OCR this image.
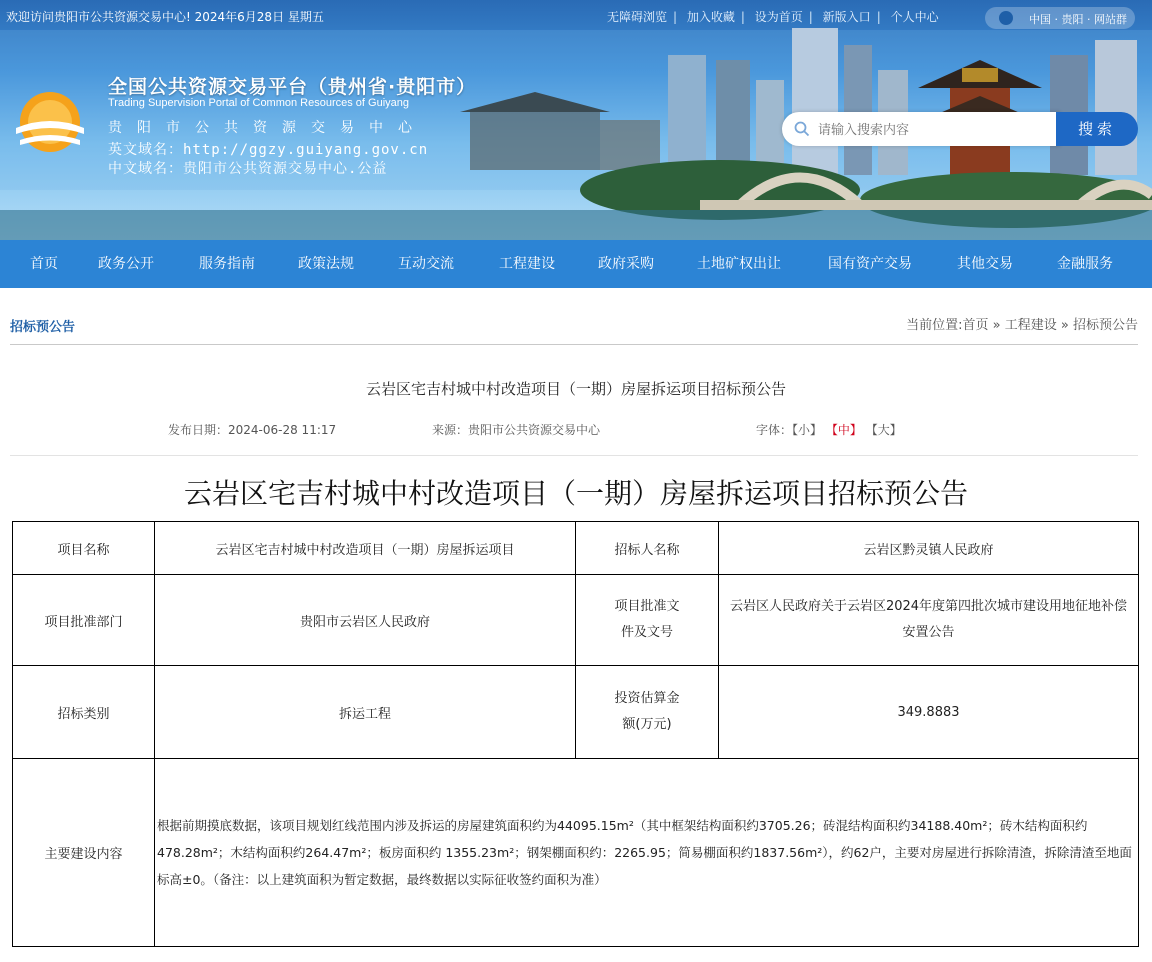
欢迎访问贵阳市公共资源交易中心! 2024年6月28日 星期五	无障碍浏览 | 加入收藏 | 设为首页 | 新版入口 | 个人中心	中国 · 贵阳 · 网站群
全国公共资源交易平台（贵州省·贵阳市）
Trading Supervision Portal of Common Resources of Guiyang
贵阳市公共资源交易中心
英文域名：http://ggzy.guiyang.gov.cn
中文域名：贵阳市公共资源交易中心.公益
请输入搜索内容
搜索
首页	政务公开	服务指南	政策法规	互动交流	工程建设	政府采购	土地矿权出让	国有资产交易	其他交易	金融服务
招标预公告	当前位置:首页 » 工程建设 » 招标预公告
云岩区宅吉村城中村改造项目（一期）房屋拆运项目招标预公告
发布日期：2024-06-28 11:17	来源：贵阳市公共资源交易中心	字体：【小】 【中】 【大】
云岩区宅吉村城中村改造项目（一期）房屋拆运项目招标预公告
项目名称	云岩区宅吉村城中村改造项目（一期）房屋拆运项目	招标人名称	云岩区黔灵镇人民政府
项目批准部门	贵阳市云岩区人民政府	项目批准文
件及文号	云岩区人民政府关于云岩区2024年度第四批次城市建设用地征地补偿
安置公告
招标类别	拆运工程	投资估算金
额(万元)	349.8883
主要建设内容	根据前期摸底数据，该项目规划红线范围内涉及拆运的房屋建筑面积约为44095.15m²（其中框架结构面积约3705.26；砖混结构面积约34188.40m²；砖木结构面积约478.28m²；木结构面积约264.47m²；板房面积约 1355.23m²；钢架棚面积约：2265.95；简易棚面积约1837.56m²），约62户，主要对房屋进行拆除清渣，拆除清渣至地面标高±0。（备注：以上建筑面积为暂定数据，最终数据以实际征收签约面积为准）		
